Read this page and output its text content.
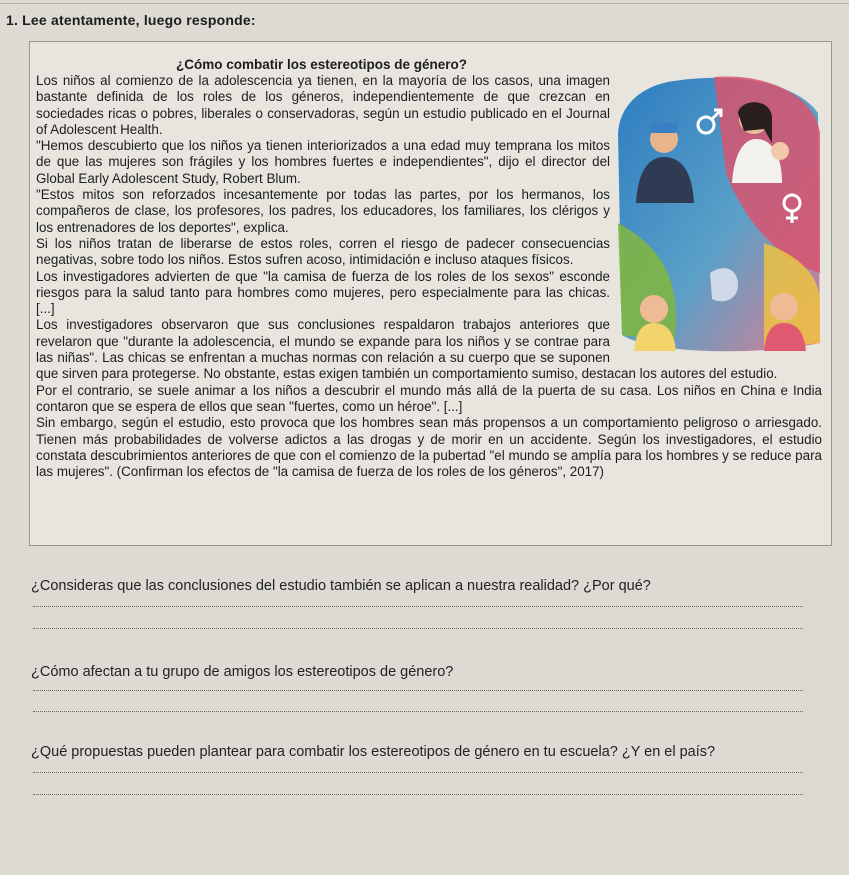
1. Lee atentamente, luego responde:
¿Cómo combatir los estereotipos de género?

Los niños al comienzo de la adolescencia ya tienen, en la mayoría de los casos, una imagen bastante definida de los roles de los géneros, independientemente de que crezcan en sociedades ricas o pobres, liberales o conservadoras, según un estudio publicado en el Journal of Adolescent Health.

"Hemos descubierto que los niños ya tienen interiorizados a una edad muy temprana los mitos de que las mujeres son frágiles y los hombres fuertes e independientes", dijo el director del Global Early Adolescent Study, Robert Blum.

"Estos mitos son reforzados incesantemente por todas las partes, por los hermanos, los compañeros de clase, los profesores, los padres, los educadores, los familiares, los clérigos y los entrenadores de los deportes", explica.

Si los niños tratan de liberarse de estos roles, corren el riesgo de padecer consecuencias negativas, sobre todo los niños. Estos sufren acoso, intimidación e incluso ataques físicos.

Los investigadores advierten de que "la camisa de fuerza de los roles de los sexos" esconde riesgos para la salud tanto para hombres como mujeres, pero especialmente para las chicas. [...]

Los investigadores observaron que sus conclusiones respaldaron trabajos anteriores que revelaron que "durante la adolescencia, el mundo se expande para los niños y se contrae para las niñas". Las chicas se enfrentan a muchas normas con relación a su cuerpo que se suponen que sirven para protegerse. No obstante, estas exigen también un comportamiento sumiso, destacan los autores del estudio.

Por el contrario, se suele animar a los niños a descubrir el mundo más allá de la puerta de su casa. Los niños en China e India contaron que se espera de ellos que sean "fuertes, como un héroe". [...]

Sin embargo, según el estudio, esto provoca que los hombres sean más propensos a un comportamiento peligroso o arriesgado. Tienen más probabilidades de volverse adictos a las drogas y de morir en un accidente. Según los investigadores, el estudio constata descubrimientos anteriores de que con el comienzo de la pubertad "el mundo se amplía para los hombres y se reduce para las mujeres". (Confirman los efectos de "la camisa de fuerza de los roles de los géneros", 2017)

¿Consideras que las conclusiones del estudio también se aplican a nuestra realidad? ¿Por qué?
¿Cómo afectan a tu grupo de amigos los estereotipos de género?
¿Qué propuestas pueden plantear para combatir los estereotipos de género en tu escuela? ¿Y en el país?
